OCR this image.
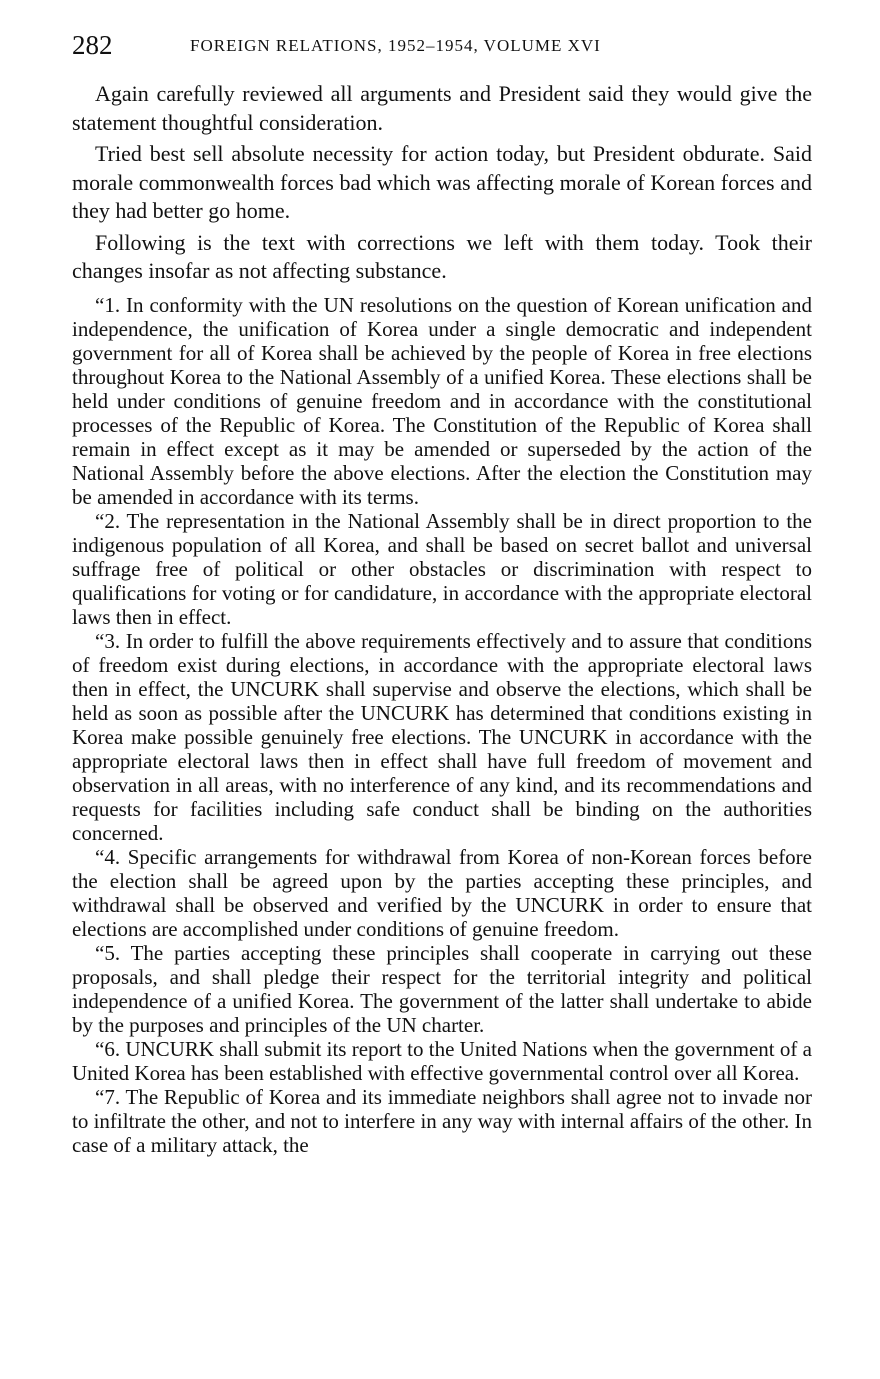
282	FOREIGN RELATIONS, 1952–1954, VOLUME XVI

Again carefully reviewed all arguments and President said they would give the statement thoughtful consideration.

Tried best sell absolute necessity for action today, but President obdurate. Said morale commonwealth forces bad which was affecting morale of Korean forces and they had better go home.

Following is the text with corrections we left with them today. Took their changes insofar as not affecting substance.

“1. In conformity with the UN resolutions on the question of Korean unification and independence, the unification of Korea under a single democratic and independent government for all of Korea shall be achieved by the people of Korea in free elections throughout Korea to the National Assembly of a unified Korea. These elections shall be held under conditions of genuine freedom and in accordance with the constitutional processes of the Republic of Korea. The Constitution of the Republic of Korea shall remain in effect except as it may be amended or superseded by the action of the National Assembly before the above elections. After the election the Constitution may be amended in accordance with its terms.

“2. The representation in the National Assembly shall be in direct proportion to the indigenous population of all Korea, and shall be based on secret ballot and universal suffrage free of political or other obstacles or discrimination with respect to qualifications for voting or for candidature, in accordance with the appropriate electoral laws then in effect.

“3. In order to fulfill the above requirements effectively and to assure that conditions of freedom exist during elections, in accordance with the appropriate electoral laws then in effect, the UNCURK shall supervise and observe the elections, which shall be held as soon as possible after the UNCURK has determined that conditions existing in Korea make possible genuinely free elections. The UNCURK in accordance with the appropriate electoral laws then in effect shall have full freedom of movement and observation in all areas, with no interference of any kind, and its recommendations and requests for facilities including safe conduct shall be binding on the authorities concerned.

“4. Specific arrangements for withdrawal from Korea of non-Korean forces before the election shall be agreed upon by the parties accepting these principles, and withdrawal shall be observed and verified by the UNCURK in order to ensure that elections are accomplished under conditions of genuine freedom.

“5. The parties accepting these principles shall cooperate in carrying out these proposals, and shall pledge their respect for the territorial integrity and political independence of a unified Korea. The government of the latter shall undertake to abide by the purposes and principles of the UN charter.

“6. UNCURK shall submit its report to the United Nations when the government of a United Korea has been established with effective governmental control over all Korea.

“7. The Republic of Korea and its immediate neighbors shall agree not to invade nor to infiltrate the other, and not to interfere in any way with internal affairs of the other. In case of a military attack, the
